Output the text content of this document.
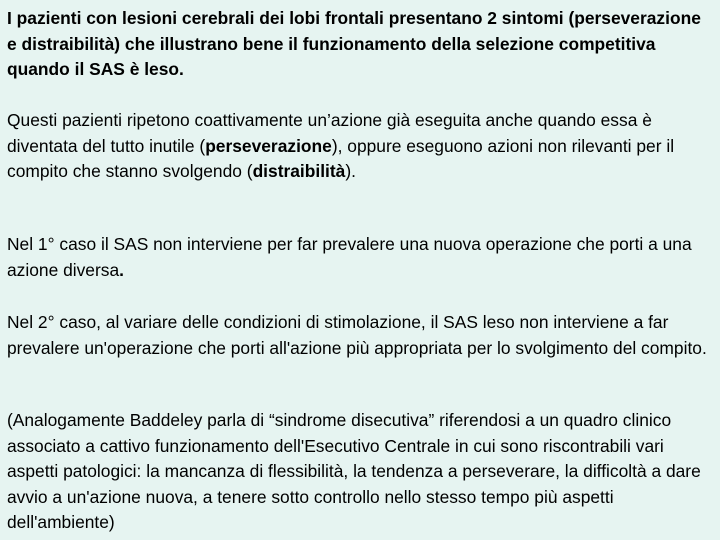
I pazienti con lesioni cerebrali dei lobi frontali presentano 2 sintomi (perseverazione e distraibilità) che illustrano bene il funzionamento della selezione competitiva quando il SAS è leso.

Questi pazienti ripetono coattivamente un’azione già eseguita anche quando essa è diventata del tutto inutile (perseverazione), oppure eseguono azioni non rilevanti per il compito che stanno svolgendo (distraibilità).

Nel 1° caso il SAS non interviene per far prevalere una nuova operazione che porti a una azione diversa.

Nel 2° caso, al variare delle condizioni di stimolazione, il SAS leso non interviene a far prevalere un'operazione che porti all'azione più appropriata per lo svolgimento del compito.

(Analogamente Baddeley parla di “sindrome disecutiva” riferendosi a un quadro clinico associato a cattivo funzionamento dell'Esecutivo Centrale in cui sono riscontrabili vari aspetti patologici: la mancanza di flessibilità, la tendenza a perseverare, la difficoltà a dare avvio a un'azione nuova, a tenere sotto controllo nello stesso tempo più aspetti dell'ambiente)
